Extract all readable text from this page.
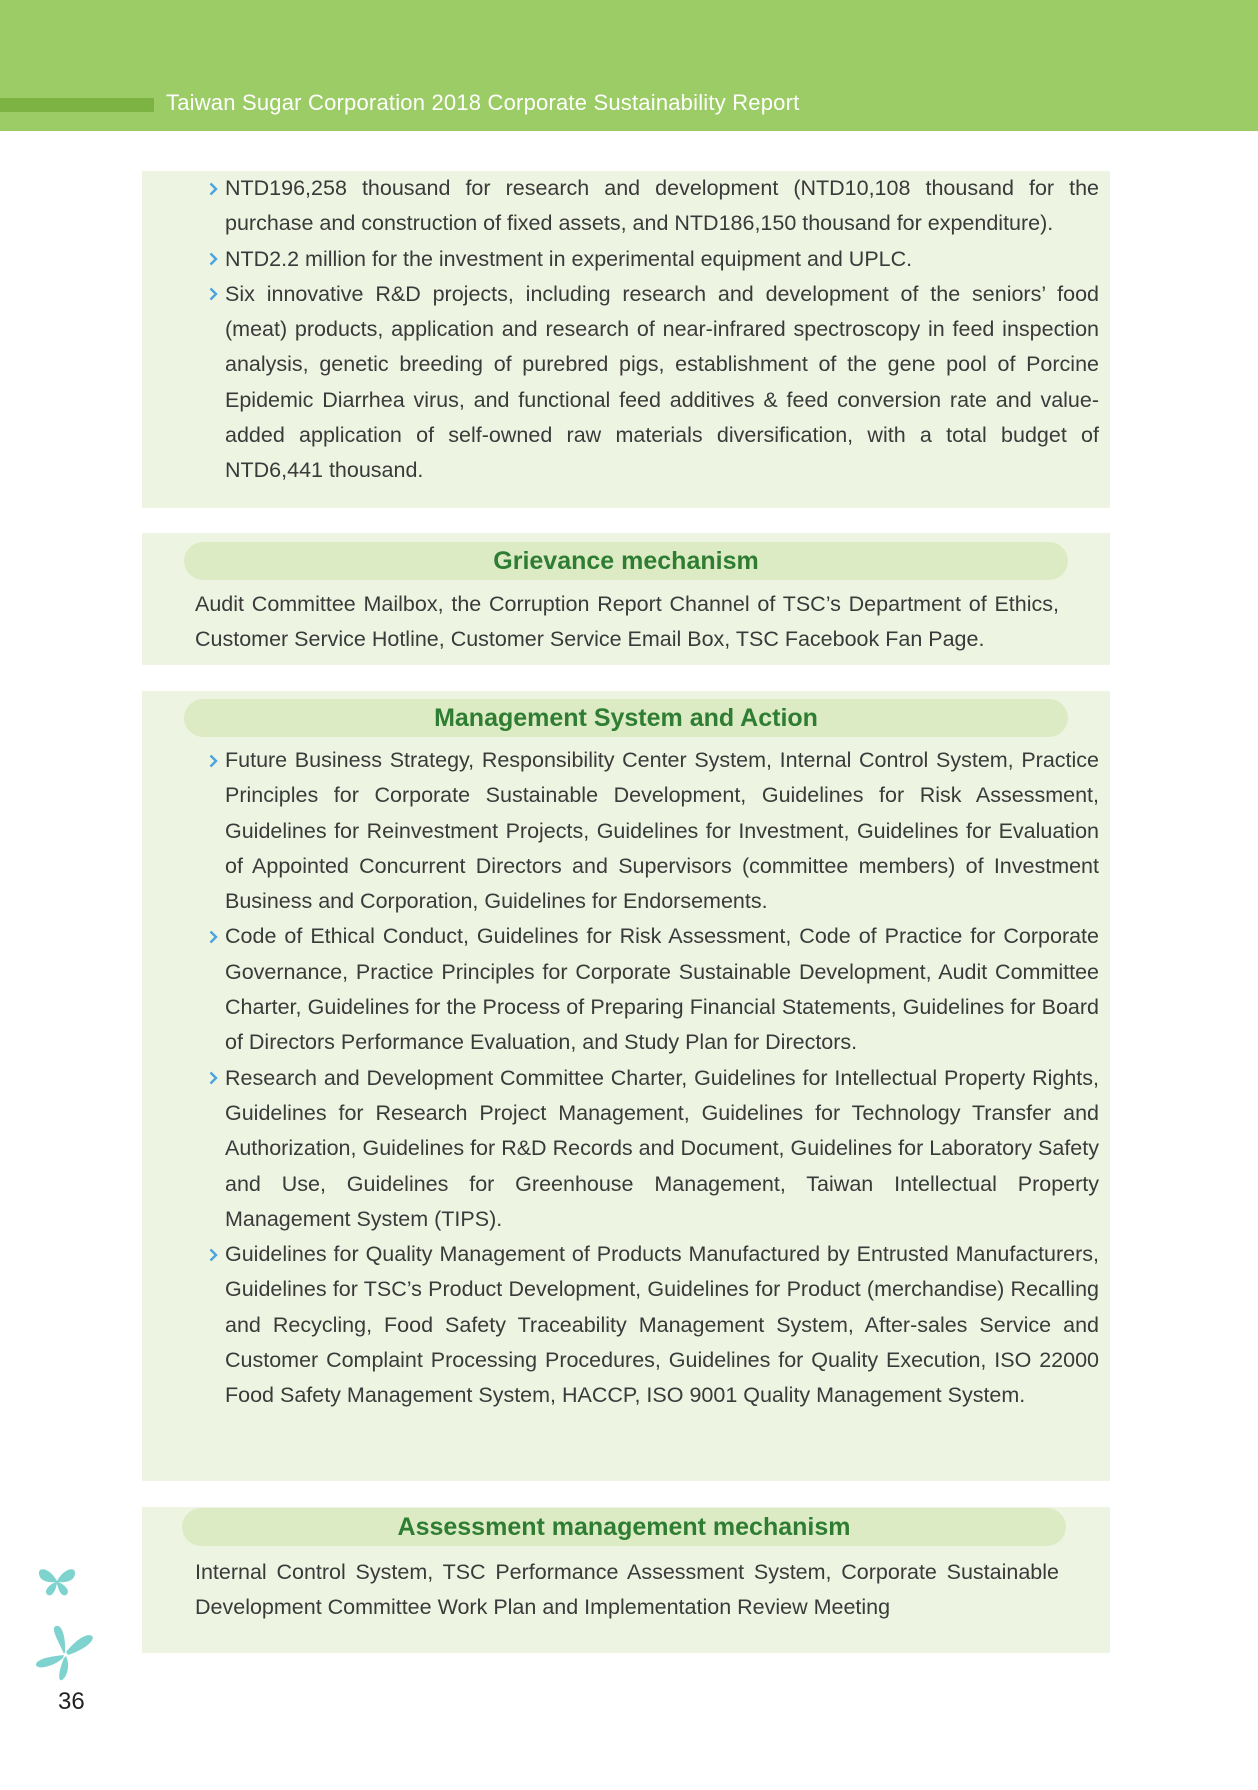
Taiwan Sugar Corporation 2018 Corporate Sustainability Report
NTD196,258 thousand for research and development (NTD10,108 thousand for the purchase and construction of fixed assets, and NTD186,150 thousand for expenditure).
NTD2.2 million for the investment in experimental equipment and UPLC.
Six innovative R&D projects, including research and development of the seniors’ food (meat) products, application and research of near-infrared spectroscopy in feed inspection analysis, genetic breeding of purebred pigs, establishment of the gene pool of Porcine Epidemic Diarrhea virus, and functional feed additives & feed conversion rate and value-added application of self-owned raw materials diversification, with a total budget of NTD6,441 thousand.
Grievance mechanism
Audit Committee Mailbox, the Corruption Report Channel of TSC’s Department of Ethics, Customer Service Hotline, Customer Service Email Box, TSC Facebook Fan Page.
Management System and Action
Future Business Strategy, Responsibility Center System, Internal Control System, Practice Principles for Corporate Sustainable Development, Guidelines for Risk Assessment, Guidelines for Reinvestment Projects, Guidelines for Investment, Guidelines for Evaluation of Appointed Concurrent Directors and Supervisors (committee members) of Investment Business and Corporation, Guidelines for Endorsements.
Code of Ethical Conduct, Guidelines for Risk Assessment, Code of Practice for Corporate Governance, Practice Principles for Corporate Sustainable Development, Audit Committee Charter, Guidelines for the Process of Preparing Financial Statements, Guidelines for Board of Directors Performance Evaluation, and Study Plan for Directors.
Research and Development Committee Charter, Guidelines for Intellectual Property Rights, Guidelines for Research Project Management, Guidelines for Technology Transfer and Authorization, Guidelines for R&D Records and Document, Guidelines for Laboratory Safety and Use, Guidelines for Greenhouse Management, Taiwan Intellectual Property Management System (TIPS).
Guidelines for Quality Management of Products Manufactured by Entrusted Manufacturers, Guidelines for TSC’s Product Development, Guidelines for Product (merchandise) Recalling and Recycling, Food Safety Traceability Management System, After-sales Service and Customer Complaint Processing Procedures, Guidelines for Quality Execution, ISO 22000 Food Safety Management System, HACCP, ISO 9001 Quality Management System.
Assessment management mechanism
Internal Control System, TSC Performance Assessment System, Corporate Sustainable Development Committee Work Plan and Implementation Review Meeting
36
